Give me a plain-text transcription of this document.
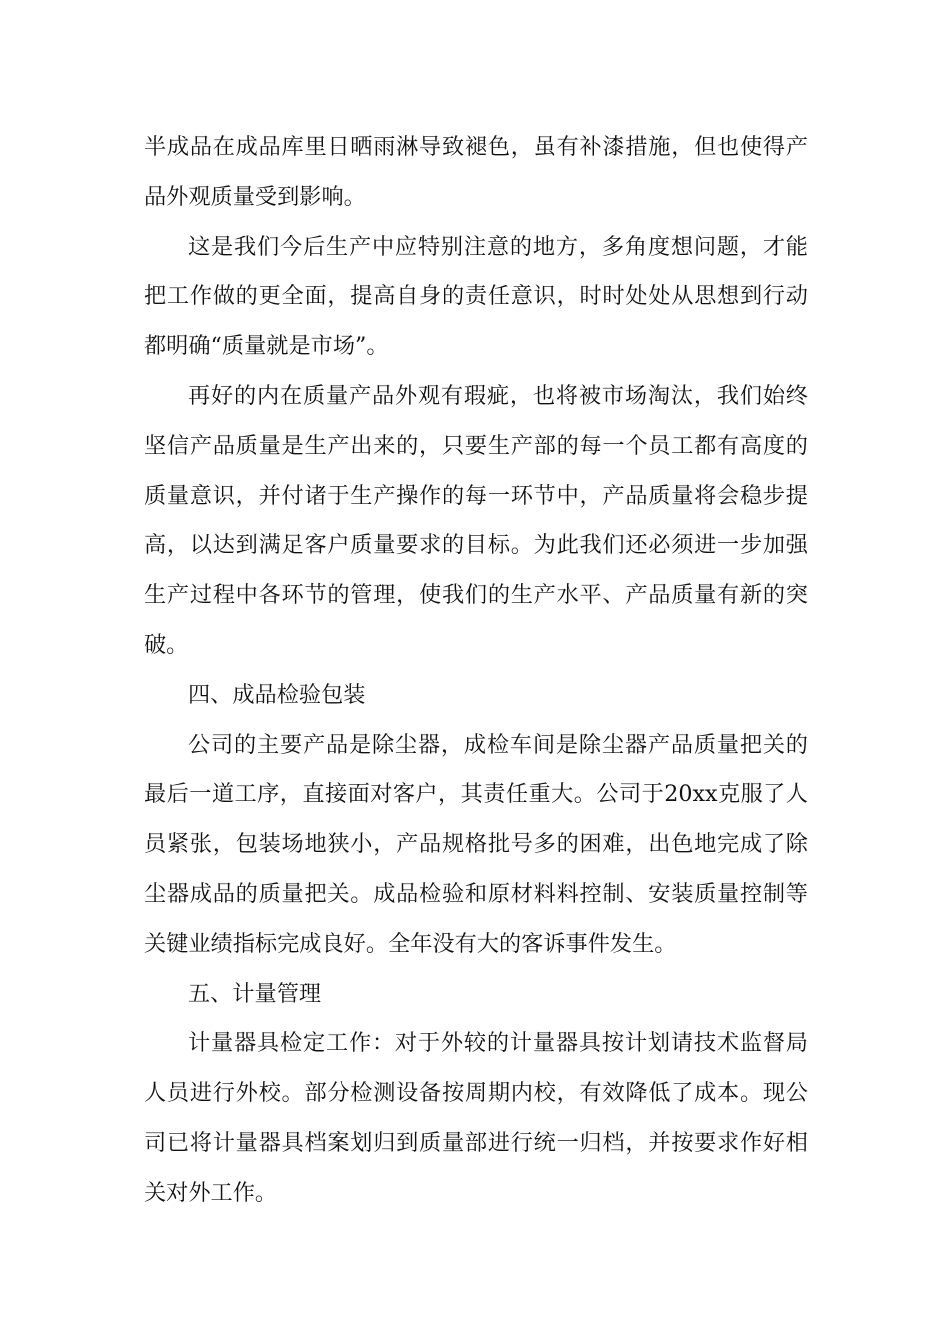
半成品在成品库里日晒雨淋导致褪色，虽有补漆措施，但也使得产品外观质量受到影响。

这是我们今后生产中应特别注意的地方，多角度想问题，才能把工作做的更全面，提高自身的责任意识，时时处处从思想到行动都明确“质量就是市场”。

再好的内在质量产品外观有瑕疵，也将被市场淘汰，我们始终坚信产品质量是生产出来的，只要生产部的每一个员工都有高度的质量意识，并付诸于生产操作的每一环节中，产品质量将会稳步提高，以达到满足客户质量要求的目标。为此我们还必须进一步加强生产过程中各环节的管理，使我们的生产水平、产品质量有新的突破。

四、成品检验包装

公司的主要产品是除尘器，成检车间是除尘器产品质量把关的最后一道工序，直接面对客户，其责任重大。公司于20xx克服了人员紧张，包装场地狭小，产品规格批号多的困难，出色地完成了除尘器成品的质量把关。成品检验和原材料料控制、安装质量控制等关键业绩指标完成良好。全年没有大的客诉事件发生。

五、计量管理

计量器具检定工作：对于外较的计量器具按计划请技术监督局人员进行外校。部分检测设备按周期内校，有效降低了成本。现公司已将计量器具档案划归到质量部进行统一归档，并按要求作好相关对外工作。
